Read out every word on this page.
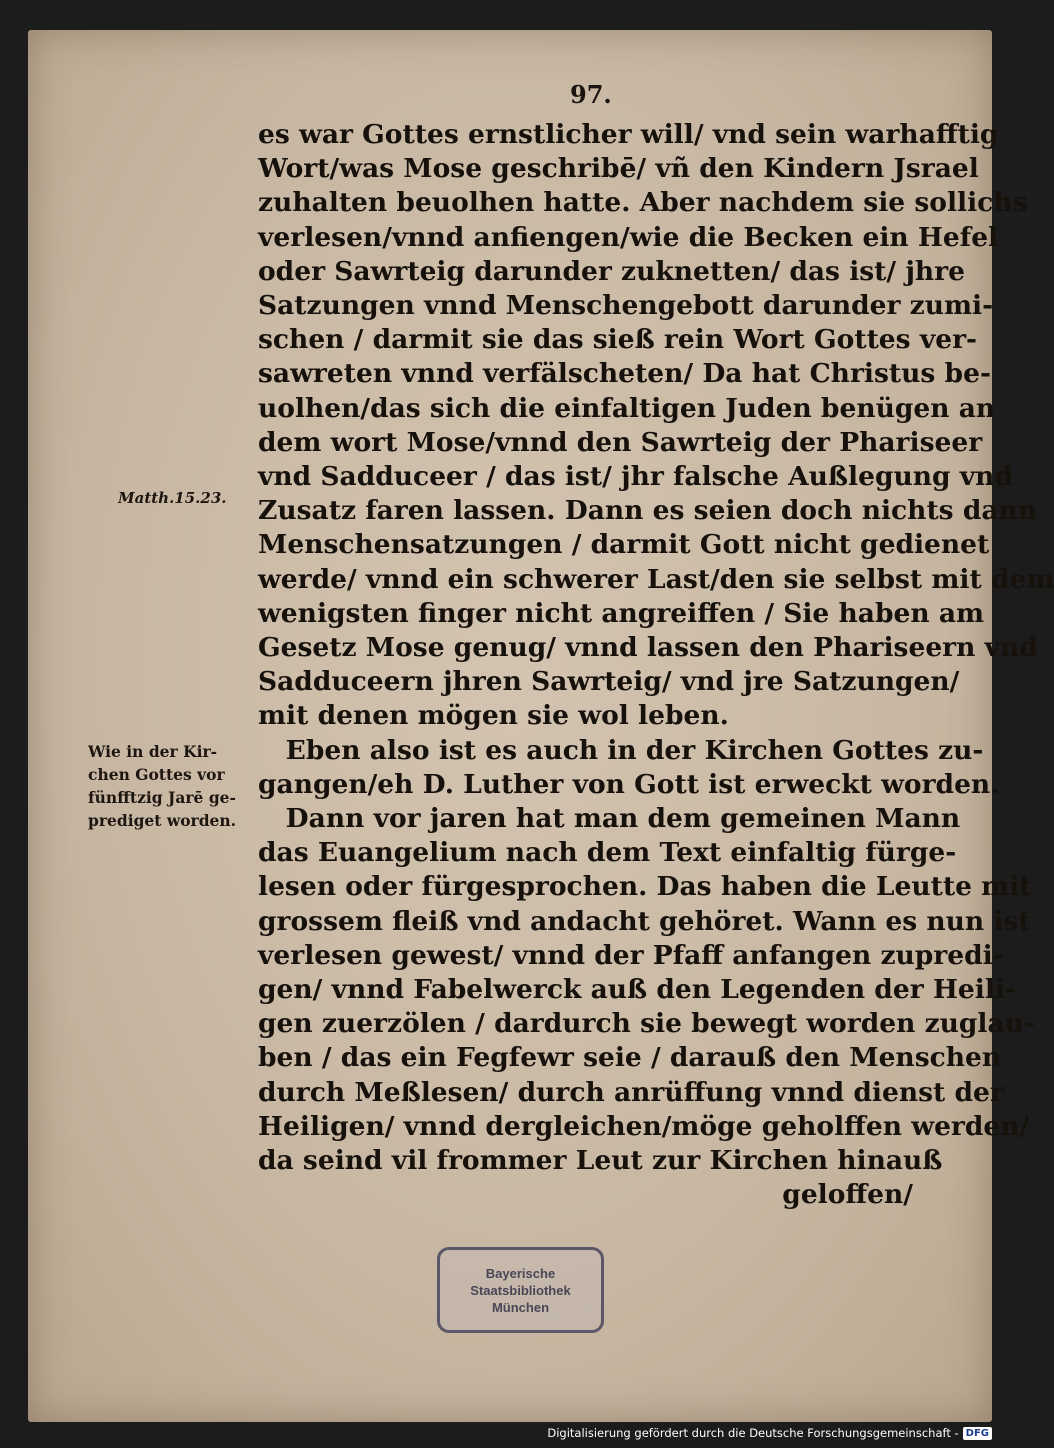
97.
es war Gottes ernstlicher will/ vnd sein warhafftig
Wort/was Mose geschribē/ vñ den Kindern Jsrael
zuhalten beuolhen hatte. Aber nachdem sie sollichs
verlesen/vnnd anfiengen/wie die Becken ein Hefel
oder Sawrteig darunder zuknetten/ das ist/ jhre
Satzungen vnnd Menschengebott darunder zumi-
schen / darmit sie das sieß rein Wort Gottes ver-
sawreten vnnd verfälscheten/ Da hat Christus be-
uolhen/das sich die einfaltigen Juden benügen an
dem wort Mose/vnnd den Sawrteig der Phariseer
vnd Sadduceer / das ist/ jhr falsche Außlegung vnd
Zusatz faren lassen. Dann es seien doch nichts dann
Menschensatzungen / darmit Gott nicht gedienet
werde/ vnnd ein schwerer Last/den sie selbst mit dem
wenigsten finger nicht angreiffen / Sie haben am
Gesetz Mose genug/ vnnd lassen den Phariseern vnd
Sadduceern jhren Sawrteig/ vnd jre Satzungen/
mit denen mögen sie wol leben.
Eben also ist es auch in der Kirchen Gottes zu-
gangen/eh D. Luther von Gott ist erweckt worden.
Dann vor jaren hat man dem gemeinen Mann
das Euangelium nach dem Text einfaltig fürge-
lesen oder fürgesprochen. Das haben die Leutte mit
grossem fleiß vnd andacht gehöret. Wann es nun ist
verlesen gewest/ vnnd der Pfaff anfangen zupredi-
gen/ vnnd Fabelwerck auß den Legenden der Heili-
gen zuerzölen / dardurch sie bewegt worden zuglau-
ben / das ein Fegfewr seie / darauß den Menschen
durch Meßlesen/ durch anrüffung vnnd dienst der
Heiligen/ vnnd dergleichen/möge geholffen werden/
da seind vil frommer Leut zur Kirchen hinauß
geloffen/
Matth.15.23.
Wie in der Kir-
chen Gottes vor
fünfftzig Jarē ge-
prediget worden.
Bayerische
Staatsbibliothek
München
Digitalisierung gefördert durch die Deutsche Forschungsgemeinschaft - DFG
